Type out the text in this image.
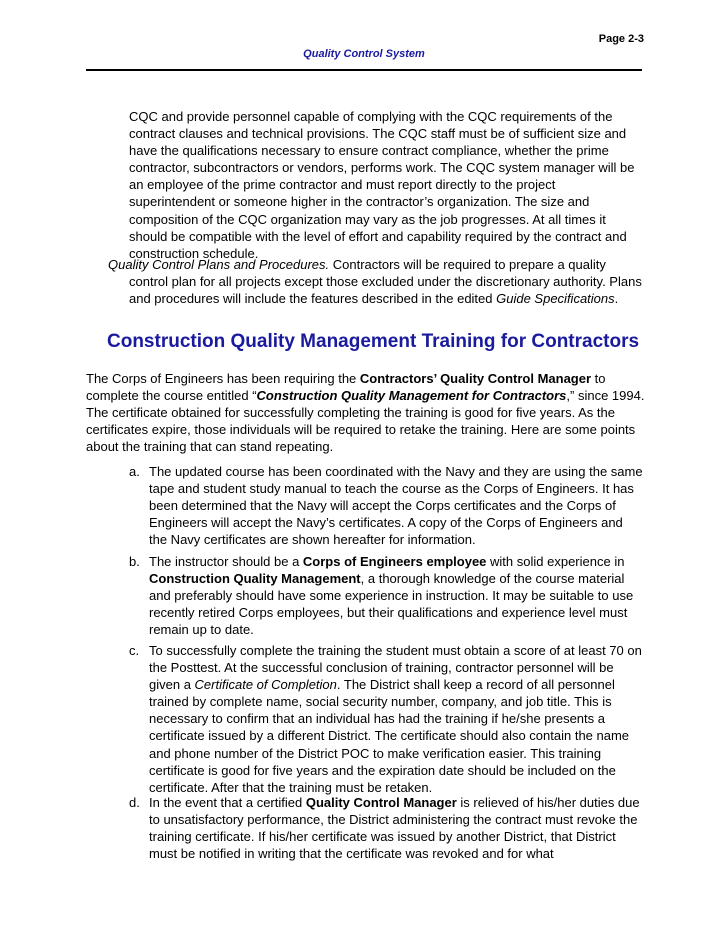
Page 2-3
Quality Control System
CQC and provide personnel capable of complying with the CQC requirements of the contract clauses and technical provisions. The CQC staff must be of sufficient size and have the qualifications necessary to ensure contract compliance, whether the prime contractor, subcontractors or vendors, performs work. The CQC system manager will be an employee of the prime contractor and must report directly to the project superintendent or someone higher in the contractor’s organization. The size and composition of the CQC organization may vary as the job progresses. At all times it should be compatible with the level of effort and capability required by the contract and construction schedule.
Quality Control Plans and Procedures. Contractors will be required to prepare a quality
control plan for all projects except those excluded under the discretionary authority. Plans and procedures will include the features described in the edited Guide Specifications.
Construction Quality Management Training for Contractors
The Corps of Engineers has been requiring the Contractors’ Quality Control Manager to complete the course entitled “Construction Quality Management for Contractors,” since 1994. The certificate obtained for successfully completing the training is good for five years. As the certificates expire, those individuals will be required to retake the training. Here are some points about the training that can stand repeating.
a. The updated course has been coordinated with the Navy and they are using the same tape and student study manual to teach the course as the Corps of Engineers. It has been determined that the Navy will accept the Corps certificates and the Corps of Engineers will accept the Navy’s certificates. A copy of the Corps of Engineers and the Navy certificates are shown hereafter for information.
b. The instructor should be a Corps of Engineers employee with solid experience in Construction Quality Management, a thorough knowledge of the course material and preferably should have some experience in instruction. It may be suitable to use recently retired Corps employees, but their qualifications and experience level must remain up to date.
c. To successfully complete the training the student must obtain a score of at least 70 on the Posttest. At the successful conclusion of training, contractor personnel will be given a Certificate of Completion. The District shall keep a record of all personnel trained by complete name, social security number, company, and job title. This is necessary to confirm that an individual has had the training if he/she presents a certificate issued by a different District. The certificate should also contain the name and phone number of the District POC to make verification easier. This training certificate is good for five years and the expiration date should be included on the certificate. After that the training must be retaken.
d. In the event that a certified Quality Control Manager is relieved of his/her duties due to unsatisfactory performance, the District administering the contract must revoke the training certificate. If his/her certificate was issued by another District, that District must be notified in writing that the certificate was revoked and for what
